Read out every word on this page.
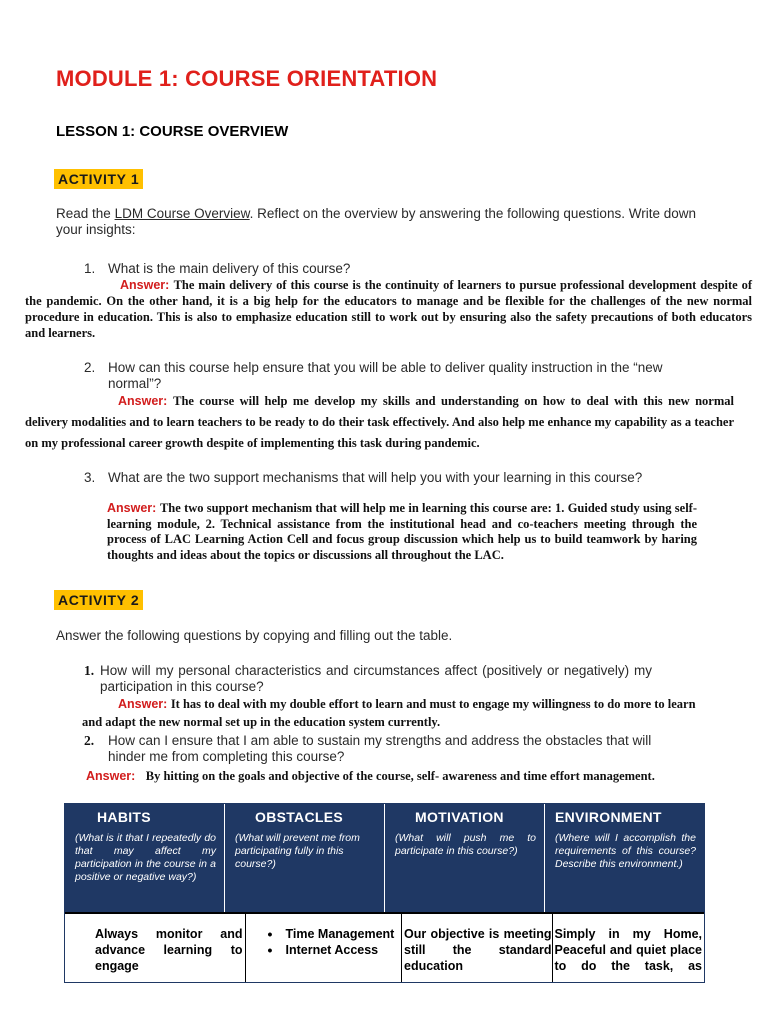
MODULE 1: COURSE ORIENTATION
LESSON 1: COURSE OVERVIEW
ACTIVITY 1
Read the LDM Course Overview. Reflect on the overview by answering the following questions. Write down your insights:
1. What is the main delivery of this course?
Answer: The main delivery of this course is the continuity of learners to pursue professional development despite of the pandemic. On the other hand, it is a big help for the educators to manage and be flexible for the challenges of the new normal procedure in education. This is also to emphasize education still to work out by ensuring also the safety precautions of both educators and learners.
2. How can this course help ensure that you will be able to deliver quality instruction in the “new normal”?
Answer: The course will help me develop my skills and understanding on how to deal with this new normal delivery modalities and to learn teachers to be ready to do their task effectively. And also help me enhance my capability as a teacher on my professional career growth despite of implementing this task during pandemic.
3. What are the two support mechanisms that will help you with your learning in this course?
Answer: The two support mechanism that will help me in learning this course are: 1. Guided study using self-learning module, 2. Technical assistance from the institutional head and co-teachers meeting through the process of LAC Learning Action Cell and focus group discussion which help us to build teamwork by haring thoughts and ideas about the topics or discussions all throughout the LAC.
ACTIVITY 2
Answer the following questions by copying and filling out the table.
1. How will my personal characteristics and circumstances affect (positively or negatively) my participation in this course?
Answer: It has to deal with my double effort to learn and must to engage my willingness to do more to learn and adapt the new normal set up in the education system currently.
2.	How can I ensure that I am able to sustain my strengths and address the obstacles that will hinder me from completing this course?
Answer: By hitting on the goals and objective of the course, self- awareness and time effort management.
HABITS
(What is it that I repeatedly do that may affect my participation in the course in a positive or negative way?)
OBSTACLES
(What will prevent me from participating fully in this course?)
MOTIVATION
(What will push me to participate in this course?)
ENVIRONMENT
(Where will I accomplish the requirements of this course? Describe this environment.)
Always monitor and advance learning to engage
• Time Management
• Internet Access
Our objective is meeting still the standard education
Simply in my Home, Peaceful and quiet place to do the task, as
